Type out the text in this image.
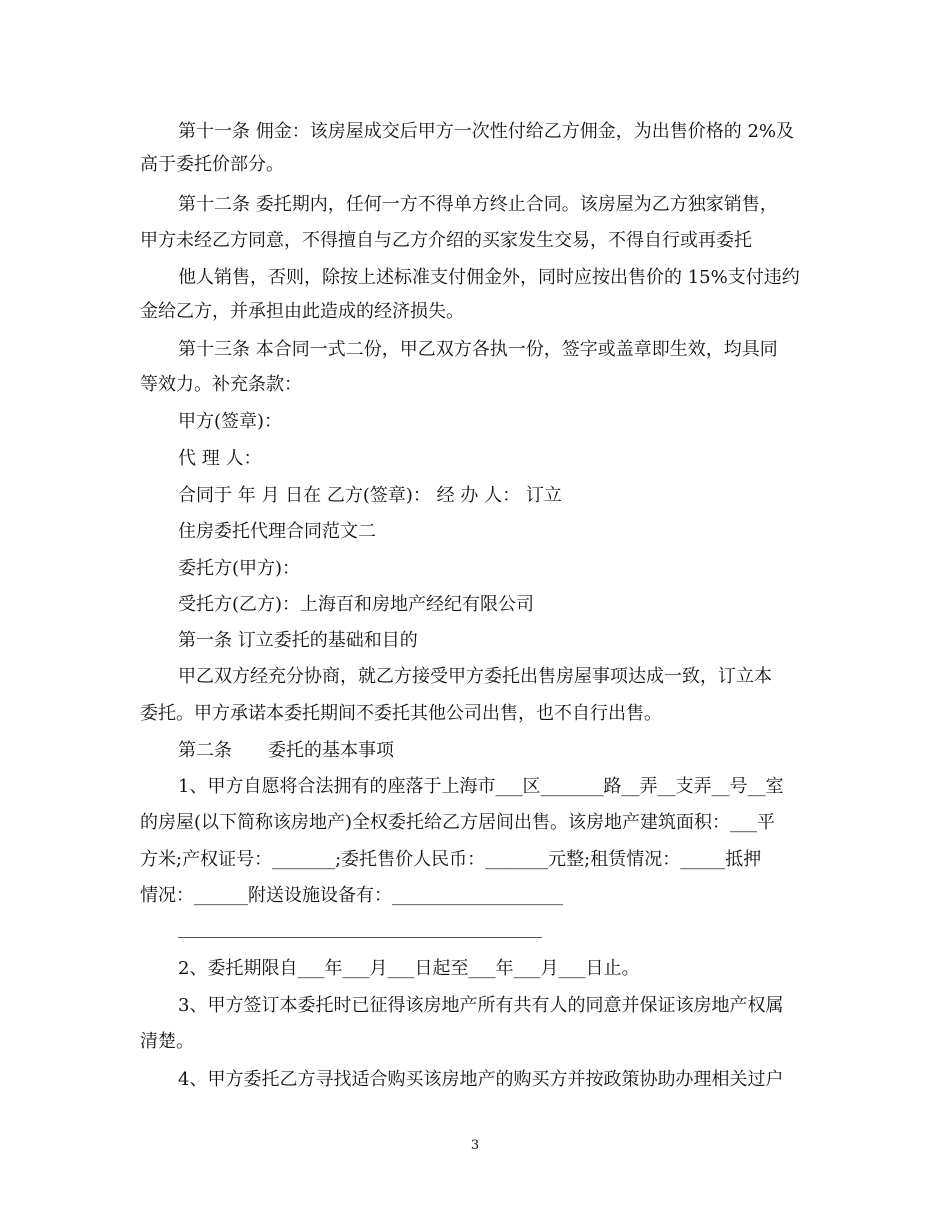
第十一条 佣金：该房屋成交后甲方一次性付给乙方佣金，为出售价格的 2%及
高于委托价部分。
第十二条 委托期内，任何一方不得单方终止合同。该房屋为乙方独家销售，
甲方未经乙方同意，不得擅自与乙方介绍的买家发生交易，不得自行或再委托
他人销售，否则，除按上述标准支付佣金外，同时应按出售价的 15%支付违约
金给乙方，并承担由此造成的经济损失。
第十三条 本合同一式二份，甲乙双方各执一份，签字或盖章即生效，均具同
等效力。补充条款：
甲方(签章)：
代 理 人：
合同于 年 月 日在 乙方(签章)： 经 办 人： 订立
住房委托代理合同范文二
委托方(甲方)：
受托方(乙方)：上海百和房地产经纪有限公司
第一条 订立委托的基础和目的
甲乙双方经充分协商，就乙方接受甲方委托出售房屋事项达成一致，订立本
委托。甲方承诺本委托期间不委托其他公司出售，也不自行出售。
第二条　　委托的基本事项
1、甲方自愿将合法拥有的座落于上海市___区_______路__弄__支弄__号__室
的房屋(以下简称该房地产)全权委托给乙方居间出售。该房地产建筑面积：___平
方米;产权证号：_______;委托售价人民币：_______元整;租赁情况：_____抵押
情况：______附送设施设备有：___________________
2、委托期限自___年___月___日起至___年___月___日止。
3、甲方签订本委托时已征得该房地产所有共有人的同意并保证该房地产权属
清楚。
4、甲方委托乙方寻找适合购买该房地产的购买方并按政策协助办理相关过户
3
